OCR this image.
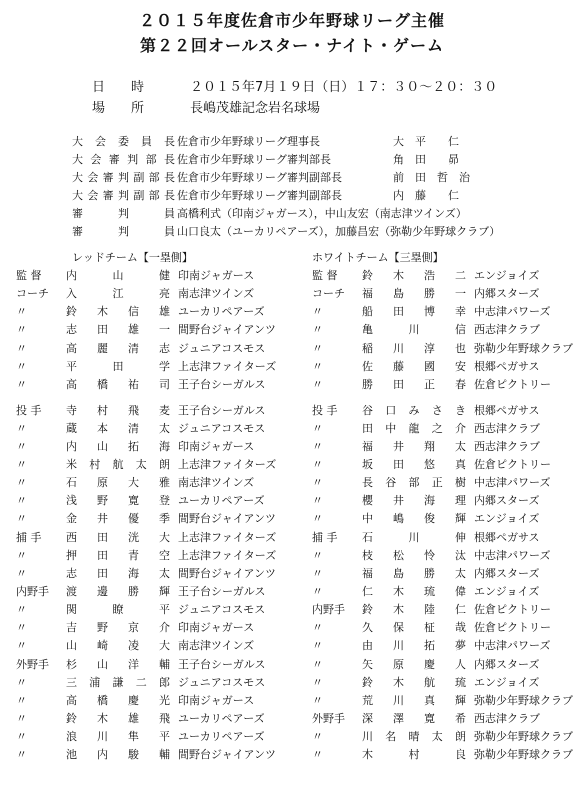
２０１５年度佐倉市少年野球リーグ主催
第２２回オールスター・ナイト・ゲーム
日　　時	２０１５年7月１９日（日）１７：３０〜２０：３０
場　　所	長嶋茂雄記念岩名球場
大 会 委 員 長 佐倉市少年野球リーグ理事長	大　平　　仁
大 会 審 判 部 長 佐倉市少年野球リーグ審判部長	角　田　　昴
大 会 審 判 副 部 長 佐倉市少年野球リーグ審判副部長	前　田　哲　治
大 会 審 判 副 部 長 佐倉市少年野球リーグ審判副部長	内　藤　　仁
審	判	員 高橋利式（印南ジャガース），中山友宏（南志津ツインズ）
審	判	員 山口良太（ユーカリペアーズ），加藤昌宏（弥勒少年野球クラブ）
レッドチーム【一塁側】	ホワイトチーム【三塁側】
監 督	内	山	健 印南ジャガース
コーチ	入	江	亮 南志津ツインズ
〃	鈴 木 信 雄 ユーカリペアーズ
〃	志 田 雄 一 間野台ジャイアンツ
〃	高 麗 清 志 ジュニアコスモス
〃	平	田	学 上志津ファイターズ
〃	高 橋 祐 司 王子台シーガルス
投 手	寺 村 飛 麦 王子台シーガルス
〃	蔵 本 清 太 ジュニアコスモス
〃	内 山 拓 海 印南ジャガース
〃	米 村 航 太 朗 上志津ファイターズ
〃	石 原 大 雅 南志津ツインズ
〃	浅 野 寛 登 ユーカリペアーズ
〃	金 井 優 季 間野台ジャイアンツ
捕 手	西 田 洸 大 上志津ファイターズ
〃	押 田 青 空 上志津ファイターズ
〃	志 田 海 太 間野台ジャイアンツ
内野手	渡 邊 勝 輝 王子台シーガルス
〃	関	瞭	平 ジュニアコスモス
〃	吉 野 京 介 印南ジャガース
〃	山 崎 凌 大 南志津ツインズ
外野手	杉 山 洋 輔 王子台シーガルス
〃	三 浦 謙 二 郎 ジュニアコスモス
〃	高 橋 慶 光 印南ジャガース
〃	鈴 木 雄 飛 ユーカリペアーズ
〃	浪 川 隼 平 ユーカリペアーズ
〃	池 内 駿 輔 間野台ジャイアンツ
監 督	鈴 木 浩 二 エンジョイズ
コーチ	福 島 勝 一 内郷スターズ
〃	船 田 博 幸 中志津パワーズ
〃	亀	川	信 西志津クラブ
〃	稲 川 淳 也 弥勒少年野球クラブ
〃	佐 藤 國 安 根郷ペガサス
〃	勝 田 正 春 佐倉ピクトリー
投 手	谷 口 み さ き 根郷ペガサス
〃	田 中 龍 之 介 西志津クラブ
〃	福 井 翔 太 西志津クラブ
〃	坂 田 悠 真 佐倉ピクトリー
〃	長 谷 部 正 樹 中志津パワーズ
〃	櫻 井 海 理 内郷スターズ
〃	中 嶋 俊 輝 エンジョイズ
捕 手	石	川	伸 根郷ペガサス
〃	枝 松 怜 汰 中志津パワーズ
〃	福 島 勝 太 内郷スターズ
〃	仁 木 琉 偉 エンジョイズ
内野手	鈴 木 陸 仁 佐倉ピクトリー
〃	久 保 柾 哉 佐倉ピクトリー
〃	由 川 拓 夢 中志津パワーズ
〃	矢 原 慶 人 内郷スターズ
〃	鈴 木 航 琉 エンジョイズ
〃	荒 川 真 輝 弥勒少年野球クラブ
外野手	深 澤 寛 希 西志津クラブ
〃	川 名 晴 太 朗 弥勒少年野球クラブ
〃	木	村	良 弥勒少年野球クラブ
